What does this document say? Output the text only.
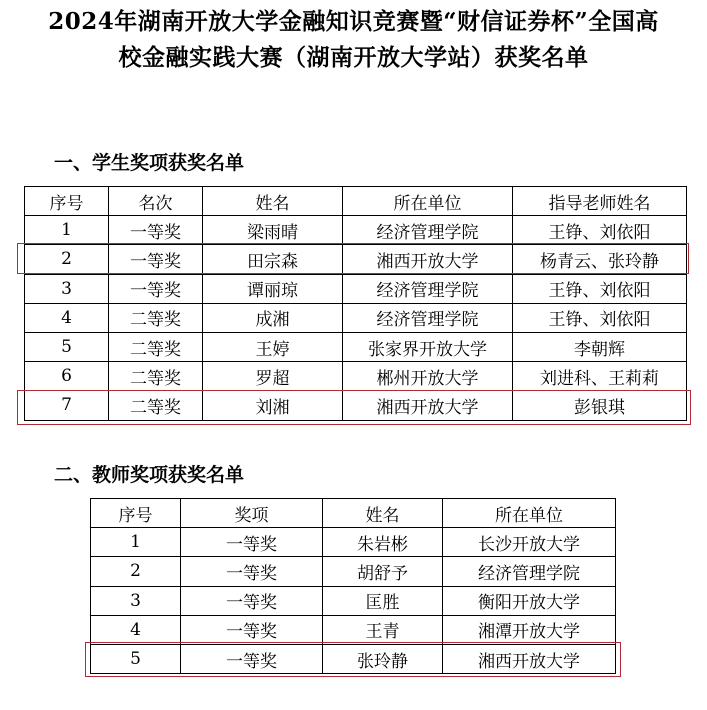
2024年湖南开放大学金融知识竞赛暨“财信证券杯”全国高
校金融实践大赛（湖南开放大学站）获奖名单
一、学生奖项获奖名单
序号	名次	姓名	所在单位	指导老师姓名
1	一等奖	梁雨晴	经济管理学院	王铮、刘依阳
2	一等奖	田宗森	湘西开放大学	杨青云、张玲静
3	一等奖	谭丽琼	经济管理学院	王铮、刘依阳
4	二等奖	成湘	经济管理学院	王铮、刘依阳
5	二等奖	王婷	张家界开放大学	李朝辉
6	二等奖	罗超	郴州开放大学	刘进科、王莉莉
7	二等奖	刘湘	湘西开放大学	彭银琪
二、教师奖项获奖名单
序号	奖项	姓名	所在单位
1	一等奖	朱岩彬	长沙开放大学
2	一等奖	胡舒予	经济管理学院
3	一等奖	匡胜	衡阳开放大学
4	一等奖	王青	湘潭开放大学
5	一等奖	张玲静	湘西开放大学
